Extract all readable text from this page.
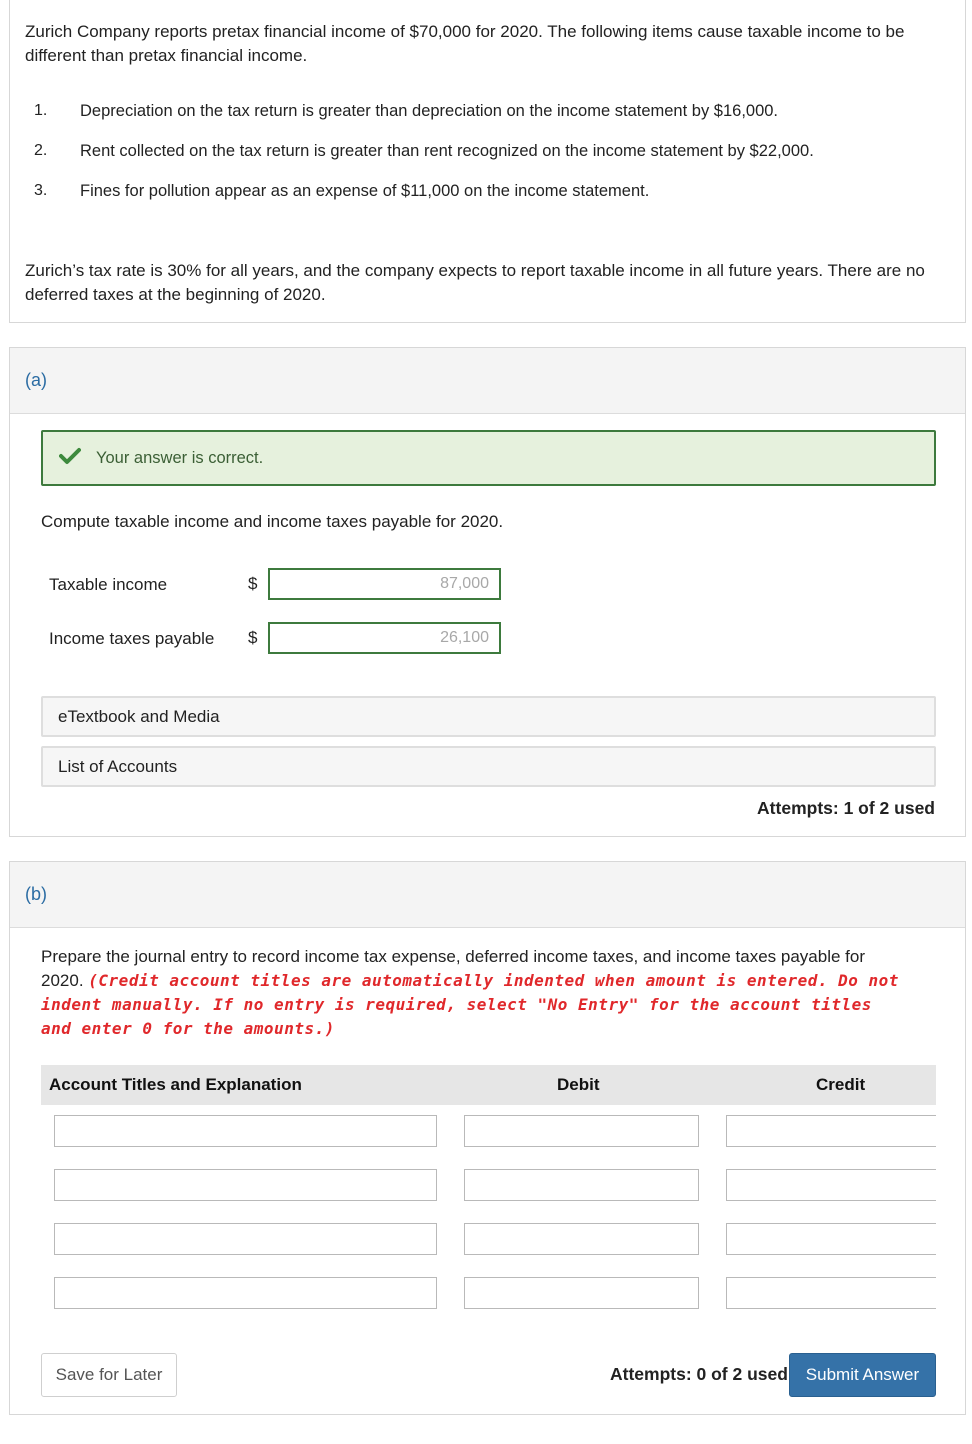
Zurich Company reports pretax financial income of $70,000 for 2020. The following items cause taxable income to be different than pretax financial income.
1. Depreciation on the tax return is greater than depreciation on the income statement by $16,000.
2. Rent collected on the tax return is greater than rent recognized on the income statement by $22,000.
3. Fines for pollution appear as an expense of $11,000 on the income statement.
Zurich’s tax rate is 30% for all years, and the company expects to report taxable income in all future years. There are no deferred taxes at the beginning of 2020.
(a)
Your answer is correct.
Compute taxable income and income taxes payable for 2020.
Taxable income	$	87,000
Income taxes payable $	26,100
eTextbook and Media
List of Accounts
Attempts: 1 of 2 used
(b)
Prepare the journal entry to record income tax expense, deferred income taxes, and income taxes payable for 2020. (Credit account titles are automatically indented when amount is entered. Do not indent manually. If no entry is required, select "No Entry" for the account titles and enter 0 for the amounts.)
Account Titles and Explanation	Debit	Credit
Save for Later	Attempts: 0 of 2 used	Submit Answer
